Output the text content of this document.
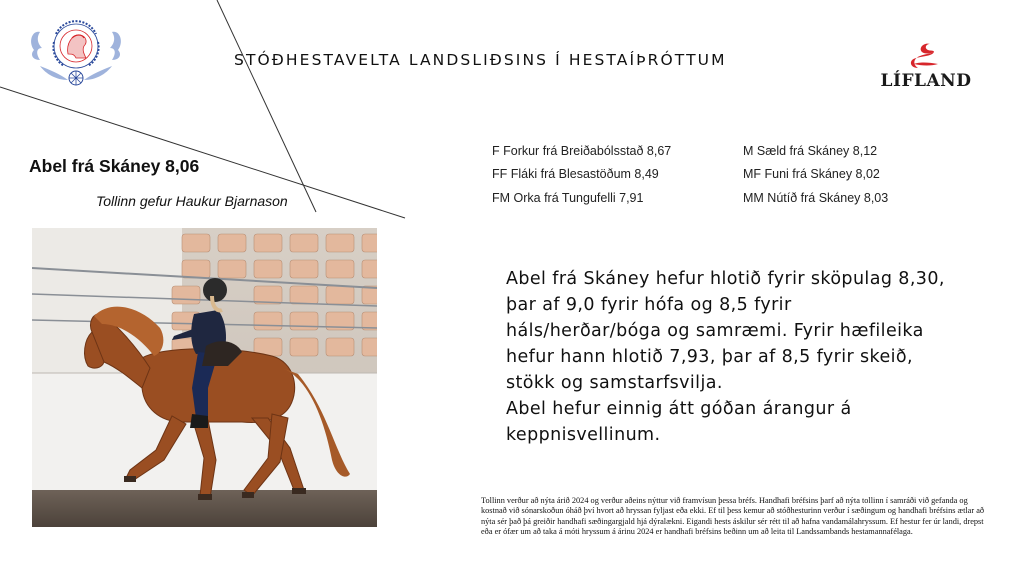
STÓÐHESTAVELTA LANDSLIÐSINS Í HESTAÍÞRÓTTUM
LÍFLAND
Abel frá Skáney 8,06
Tollinn gefur Haukur Bjarnason
F Forkur frá Breiðabólsstað 8,67
FF Fláki frá Blesastöðum 8,49
FM Orka frá Tungufelli 7,91
M Sæld frá Skáney 8,12
MF Funi frá Skáney 8,02
MM Nútíð frá Skáney 8,03

Abel frá Skáney hefur hlotið fyrir sköpulag 8,30, þar af 9,0 fyrir hófa og 8,5 fyrir háls/herðar/bóga og samræmi. Fyrir hæfileika hefur hann hlotið 7,93, þar af 8,5 fyrir skeið, stökk og samstarfsvilja.

Abel hefur einnig átt góðan árangur á keppnisvellinum.

Tollinn verður að nýta árið 2024 og verður aðeins nýttur við framvísun þessa bréfs. Handhafi bréfsins þarf að nýta tollinn í samráði við gefanda og kostnað við sónarskoðun óháð því hvort að hryssan fyljast eða ekki. Ef til þess kemur að stóðhesturinn verður í sæðingum og handhafi bréfsins ætlar að nýta sér það þá greiðir handhafi sæðingargjald hjá dýralækni. Eigandi hests áskilur sér rétt til að hafna vandamálahryssum. Ef hestur fer úr landi, drepst eða er ófær um að taka á móti hryssum á árinu 2024 er handhafi bréfsins beðinn um að leita til Landssambands hestamannafélaga.
